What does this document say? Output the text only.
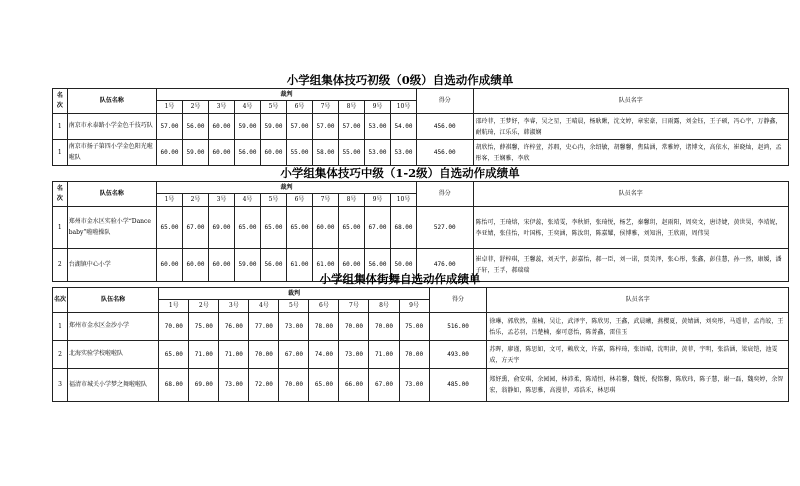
小学组集体技巧初级（0级）自选动作成绩单
名次	队伍名称	裁判										得分	队员名字
		1号	2号	3号	4号	5号	6号	7号	8号	9号	10号		
1	南京市永泰路小学金色千技巧队	57.00	56.00	60.00	59.00	59.00	57.00	57.00	57.00	53.00	54.00	456.00	邵玲菲，王梦妤，李睿，吴之星，王晴晨，杨耿瞅，沈文婷，章宏豪，日雨露，刘金钰，王子硕，冯心宇，万静鑫，耐航琦，江乐乐，韩淑娴
1	南京市扬子第四小学金色阳光啦啦队	60.00	59.00	60.00	56.00	60.00	55.00	58.00	55.00	53.00	53.00	456.00	胡欣怡，薛祺馨，许梓萱，苏瑕，史心冉，余绍敏，胡馨馨，焦陆涵，常雅婷，诸博文，高依水，崔晓灿，赵鸿，孟彤客，王娴雅，李欣
小学组集体技巧中级（1-2级）自选动作成绩单
名次	队伍名称	裁判										得分	队员名字
		1号	2号	3号	4号	5号	6号	7号	8号	9号	10号		
1	郑州市金水区实验小学“Dance baby”啦啦操队	65.00	67.00	69.00	65.00	65.00	65.00	60.00	65.00	67.00	68.00	527.00	陈怡可，王琦熔，宋伊蕊，张靖雯，李秋妍，张琦悦，杨艺，秦馨玥，赵雨阳，周奕文，唐诗婕，黄世昊，李靖妮，李亚婧，张佳怡，叶国栋，王奕涵，陈汝玥，陈嘉耀，侯博雅，刘知涓，王欣雨，周伟昊
2	台湖镇中心小学	60.00	60.00	60.00	59.00	56.00	61.00	61.00	60.00	56.00	50.00	476.00	崔卓菲，舒梓琪，王馨蕊，刘天宇，彭嘉怡，郝一臣，刘一诺，贾美泽，张心彤，张鑫，彭佳慧，孙一然，康媛，潘子轩，王孚，郝瑞瑞
小学组集体街舞自选动作成绩单
名次	队伍名称	裁判									得分	队员名字
		1号	2号	3号	4号	5号	6号	7号	8号	9号		
1	郑州市金水区金沙小学	70.00	75.00	76.00	77.00	73.00	78.00	70.00	70.00	75.00	516.00	徐琳，郭欣然，董楠，吴让，武泽宇，陈欣男，王鑫，武晨曦，燕樱夏，黄婧涵，刘奕彤，马遥菲，孟肖皎，王怡乐，孟芯羽，吕楚楠，秦可意怡，陈菁鑫，雷佳玉
2	北海实验学校啦啦队	65.00	71.00	71.00	70.00	67.00	74.00	73.00	71.00	70.00	493.00	苏晖，廖谨，陈思如，文可，赖欣文，许嘉，陈梓琦，张语晴，沈明津，黄菲，宇明，张浩涵，梁宸铠，池雯成，方天宇
3	福清市城关小学梦之舞啦啦队	68.00	69.00	73.00	72.00	70.00	65.00	66.00	67.00	73.00	485.00	郑妤熏，俞安琪，余园园，林沛柔，陈靖恒，林若馨，魏悦，倪铭馨，陈欣玮，陈子慧，谢一磊，魏奕婷，余智宏，翁静如，陈思雅，高漫菲，邓浩禾，林思琪
